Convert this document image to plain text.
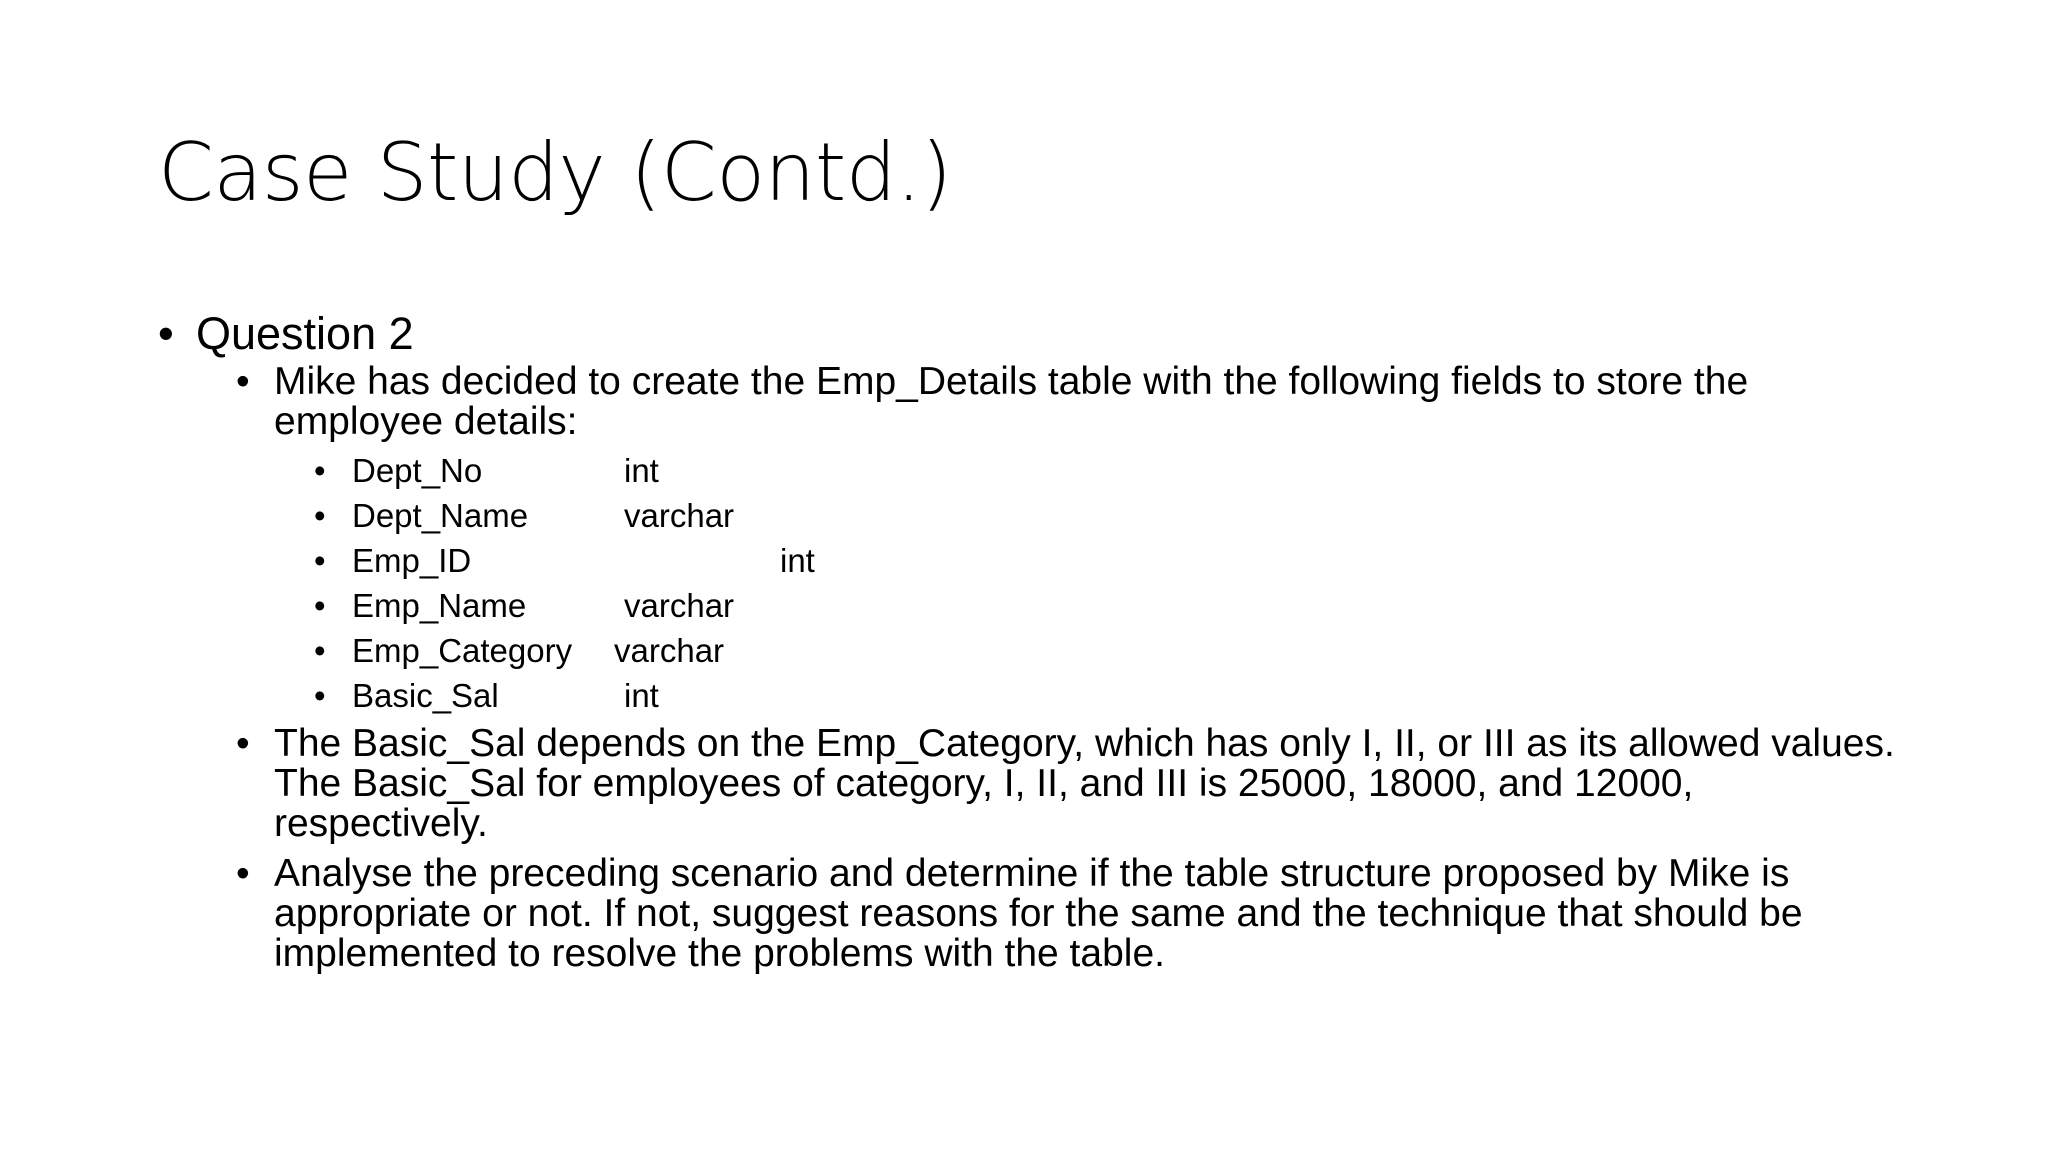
Case Study (Contd.)
• Question 2
• Mike has decided to create the Emp_Details table with the following fields to store the employee details:
• Dept_No	int
• Dept_Name	varchar
• Emp_ID	int
• Emp_Name	varchar
• Emp_Category varchar
• Basic_Sal	int
• The Basic_Sal depends on the Emp_Category, which has only I, II, or III as its allowed values. The Basic_Sal for employees of category, I, II, and III is 25000, 18000, and 12000, respectively.
• Analyse the preceding scenario and determine if the table structure proposed by Mike is appropriate or not. If not, suggest reasons for the same and the technique that should be implemented to resolve the problems with the table.
